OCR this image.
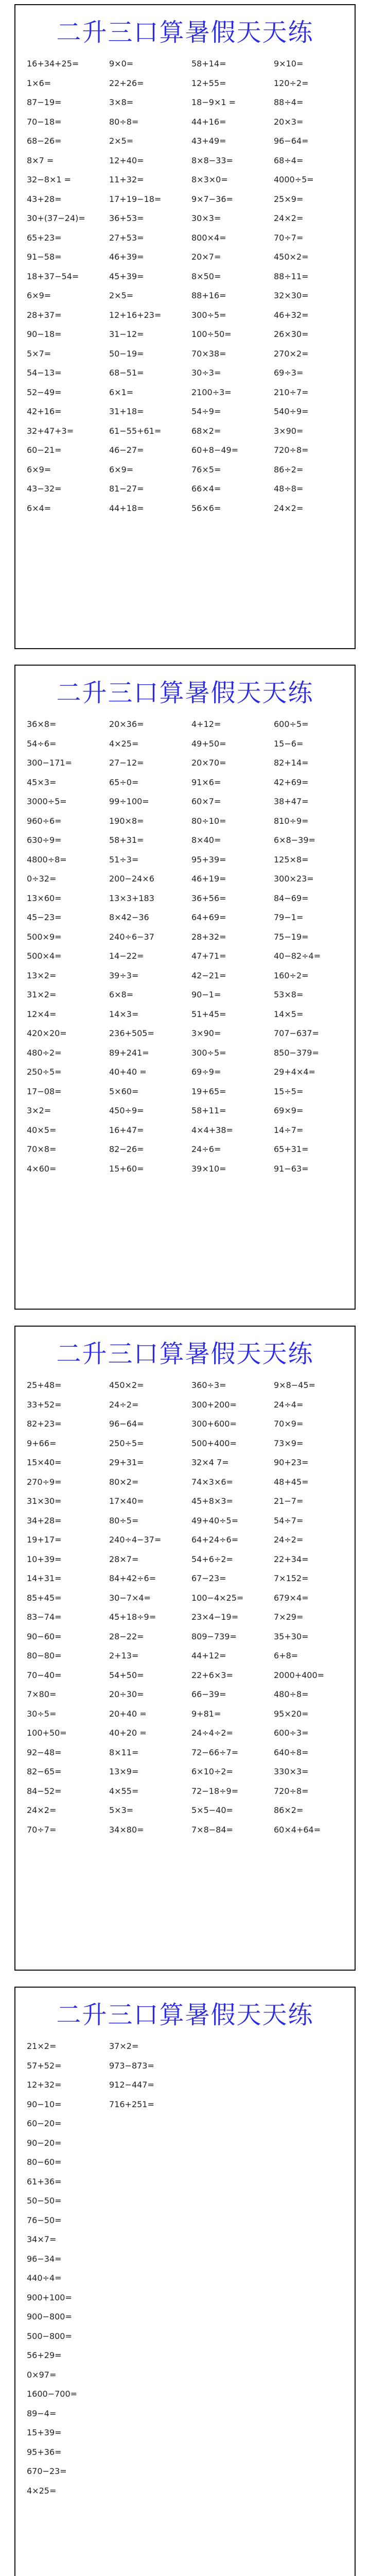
二升三口算暑假天天练
16+34+25=	9×0=	58+14=	9×10=
1×6=	22+26=	12+55=	120÷2=
87−19=	3×8=	18−9×1 =	88÷4=
70−18=	80÷8=	44+16=	20×3=
68−26=	2×5=	43+49=	96−64=
8×7 =	12+40=	8×8−33=	68÷4=
32−8×1 =	11+32=	8×3×0=	4000÷5=
43+28=	17+19−18=	9×7−36=	25×9=
30+(37−24)=	36+53=	30×3=	24×2=
65+23=	27+53=	800×4=	70÷7=
91−58=	46+39=	20×7=	450×2=
18+37−54=	45+39=	8×50=	88÷11=
6×9=	2×5=	88+16=	32×30=
28+37=	12+16+23=	300÷5=	46+32=
90−18=	31−12=	100÷50=	26×30=
5×7=	50−19=	70×38=	270×2=
54−13=	68−51=	30÷3=	69÷3=
52−49=	6×1=	2100÷3=	210÷7=
42+16=	31+18=	54÷9=	540÷9=
32+47+3=	61−55+61=	68×2=	3×90=
60−21=	46−27=	60+8−49=	720÷8=
6×9=	6×9=	76×5=	86÷2=
43−32=	81−27=	66×4=	48÷8=
6×4=	44+18=	56×6=	24×2=
二升三口算暑假天天练
36×8=	20×36=	4+12=	600÷5=
54÷6=	4×25=	49+50=	15−6=
300−171=	27−12=	20×70=	82+14=
45×3=	65÷0=	91×6=	42+69=
3000÷5=	99÷100=	60×7=	38+47=
960÷6=	190×8=	80÷10=	810÷9=
630÷9=	58+31=	8×40=	6×8−39=
4800÷8=	51÷3=	95+39=	125×8=
0÷32=	200−24×6	46+19=	300×23=
13×60=	13×3+183	36+56=	84−69=
45−23=	8×42−36	64+69=	79−1=
500×9=	240÷6−37	28+32=	75−19=
500×4=	14−22=	47+71=	40−82÷4=
13×2=	39÷3=	42−21=	160÷2=
31×2=	6×8=	90−1=	53×8=
12×4=	14×3=	51+45=	14×5=
420×20=	236+505=	3×90=	707−637=
480÷2=	89+241=	300÷5=	850−379=
250÷5=	40+40 =	69÷9=	29+4×4=
17−08=	5×60=	19+65=	15÷5=
3×2=	450÷9=	58+11=	69×9=
40×5=	16+47=	4×4+38=	14÷7=
70×8=	82−26=	24÷6=	65+31=
4×60=	15+60=	39×10=	91−63=
二升三口算暑假天天练
25+48=	450×2=	360÷3=	9×8−45=
33+52=	24÷2=	300+200=	24÷4=
82+23=	96−64=	300+600=	70×9=
9+66=	250÷5=	500+400=	73×9=
15×40=	29+31=	32×4 7=	90+23=
270÷9=	80×2=	74×3×6=	48+45=
31×30=	17×40=	45+8×3=	21−7=
34+28=	80÷5=	49+40÷5=	54÷7=
19+17=	240÷4−37=	64+24÷6=	24÷2=
10+39=	28×7=	54+6÷2=	22+34=
14+31=	84+42÷6=	67−23=	7×152=
85+45=	30−7×4=	100−4×25=	679×4=
83−74=	45+18÷9=	23×4−19=	7×29=
90−60=	28−22=	809−739=	35+30=
80−80=	2+13=	44+12=	6+8=
70−40=	54+50=	22+6×3=	2000+400=
7×80=	20÷30=	66−39=	480÷8=
30÷5=	20+40 =	9+81=	95×20=
100+50=	40+20 =	24÷4÷2=	600÷3=
92−48=	8×11=	72−66÷7=	640÷8=
82−65=	13×9=	6×10÷2=	330×3=
84−52=	4×55=	72−18÷9=	720÷8=
24×2=	5×3=	5×5−40=	86×2=
70÷7=	34×80=	7×8−84=	60×4+64=
二升三口算暑假天天练
21×2=	37×2=
57+52=	973−873=
12+32=	912−447=
90−10=	716+251=
60−20=
90−20=
80−60=
61+36=
50−50=
76−50=
34×7=
96−34=
440÷4=
900+100=
900−800=
500−800=
56+29=
0×97=
1600−700=
89−4=
15+39=
95+36=
670−23=
4×25=
